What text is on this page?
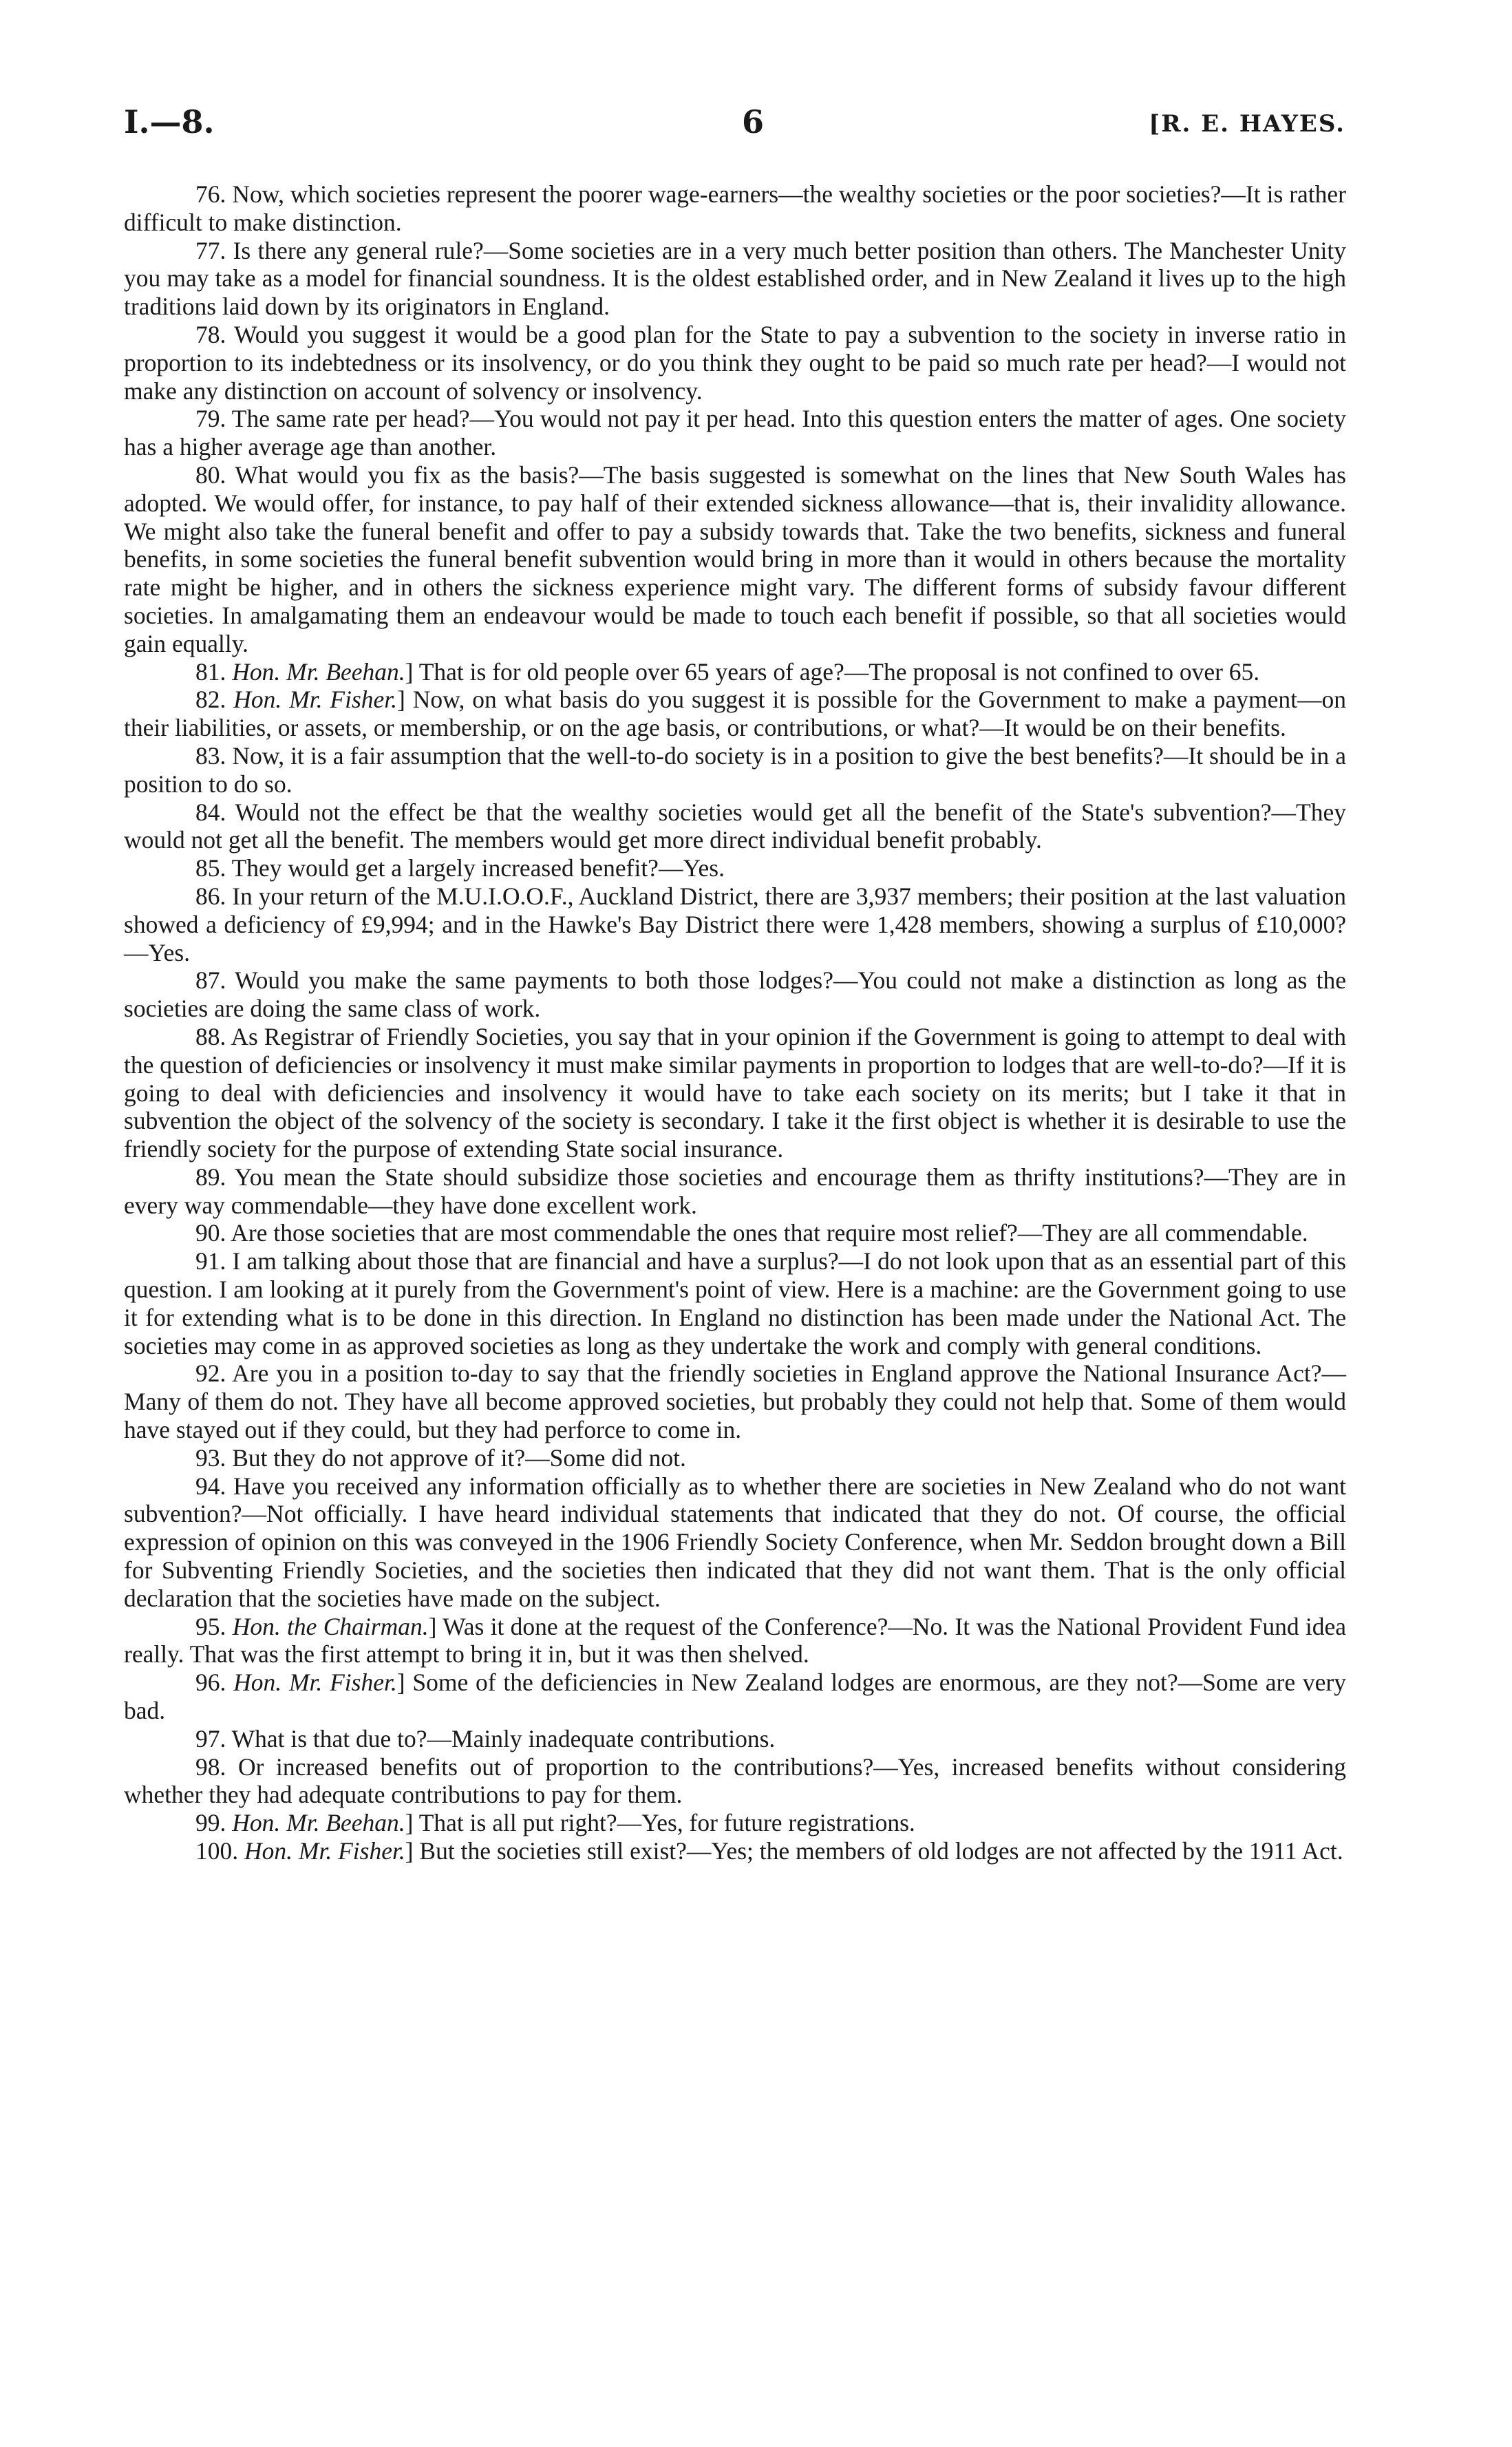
I.—8.	6	[R. E. HAYES.

76. Now, which societies represent the poorer wage-earners—the wealthy societies or the poor societies?—It is rather difficult to make distinction.

77. Is there any general rule?—Some societies are in a very much better position than others. The Manchester Unity you may take as a model for financial soundness. It is the oldest established order, and in New Zealand it lives up to the high traditions laid down by its originators in England.

78. Would you suggest it would be a good plan for the State to pay a subvention to the society in inverse ratio in proportion to its indebtedness or its insolvency, or do you think they ought to be paid so much rate per head?—I would not make any distinction on account of solvency or insolvency.

79. The same rate per head?—You would not pay it per head. Into this question enters the matter of ages. One society has a higher average age than another.

80. What would you fix as the basis?—The basis suggested is somewhat on the lines that New South Wales has adopted. We would offer, for instance, to pay half of their extended sickness allowance—that is, their invalidity allowance. We might also take the funeral benefit and offer to pay a subsidy towards that. Take the two benefits, sickness and funeral benefits, in some societies the funeral benefit subvention would bring in more than it would in others because the mortality rate might be higher, and in others the sickness experience might vary. The different forms of subsidy favour different societies. In amalgamating them an endeavour would be made to touch each benefit if possible, so that all societies would gain equally.

81. Hon. Mr. Beehan.] That is for old people over 65 years of age?—The proposal is not confined to over 65.

82. Hon. Mr. Fisher.] Now, on what basis do you suggest it is possible for the Government to make a payment—on their liabilities, or assets, or membership, or on the age basis, or contributions, or what?—It would be on their benefits.

83. Now, it is a fair assumption that the well-to-do society is in a position to give the best benefits?—It should be in a position to do so.

84. Would not the effect be that the wealthy societies would get all the benefit of the State's subvention?—They would not get all the benefit. The members would get more direct individual benefit probably.

85. They would get a largely increased benefit?—Yes.

86. In your return of the M.U.I.O.O.F., Auckland District, there are 3,937 members; their position at the last valuation showed a deficiency of £9,994; and in the Hawke's Bay District there were 1,428 members, showing a surplus of £10,000?—Yes.

87. Would you make the same payments to both those lodges?—You could not make a distinction as long as the societies are doing the same class of work.

88. As Registrar of Friendly Societies, you say that in your opinion if the Government is going to attempt to deal with the question of deficiencies or insolvency it must make similar payments in proportion to lodges that are well-to-do?—If it is going to deal with deficiencies and insolvency it would have to take each society on its merits; but I take it that in subvention the object of the solvency of the society is secondary. I take it the first object is whether it is desirable to use the friendly society for the purpose of extending State social insurance.

89. You mean the State should subsidize those societies and encourage them as thrifty institutions?—They are in every way commendable—they have done excellent work.

90. Are those societies that are most commendable the ones that require most relief?—They are all commendable.

91. I am talking about those that are financial and have a surplus?—I do not look upon that as an essential part of this question. I am looking at it purely from the Government's point of view. Here is a machine: are the Government going to use it for extending what is to be done in this direction. In England no distinction has been made under the National Act. The societies may come in as approved societies as long as they undertake the work and comply with general conditions.

92. Are you in a position to-day to say that the friendly societies in England approve the National Insurance Act?—Many of them do not. They have all become approved societies, but probably they could not help that. Some of them would have stayed out if they could, but they had perforce to come in.

93. But they do not approve of it?—Some did not.

94. Have you received any information officially as to whether there are societies in New Zealand who do not want subvention?—Not officially. I have heard individual statements that indicated that they do not. Of course, the official expression of opinion on this was conveyed in the 1906 Friendly Society Conference, when Mr. Seddon brought down a Bill for Subventing Friendly Societies, and the societies then indicated that they did not want them. That is the only official declaration that the societies have made on the subject.

95. Hon. the Chairman.] Was it done at the request of the Conference?—No. It was the National Provident Fund idea really. That was the first attempt to bring it in, but it was then shelved.

96. Hon. Mr. Fisher.] Some of the deficiencies in New Zealand lodges are enormous, are they not?—Some are very bad.

97. What is that due to?—Mainly inadequate contributions.

98. Or increased benefits out of proportion to the contributions?—Yes, increased benefits without considering whether they had adequate contributions to pay for them.

99. Hon. Mr. Beehan.] That is all put right?—Yes, for future registrations.

100. Hon. Mr. Fisher.] But the societies still exist?—Yes; the members of old lodges are not affected by the 1911 Act.
